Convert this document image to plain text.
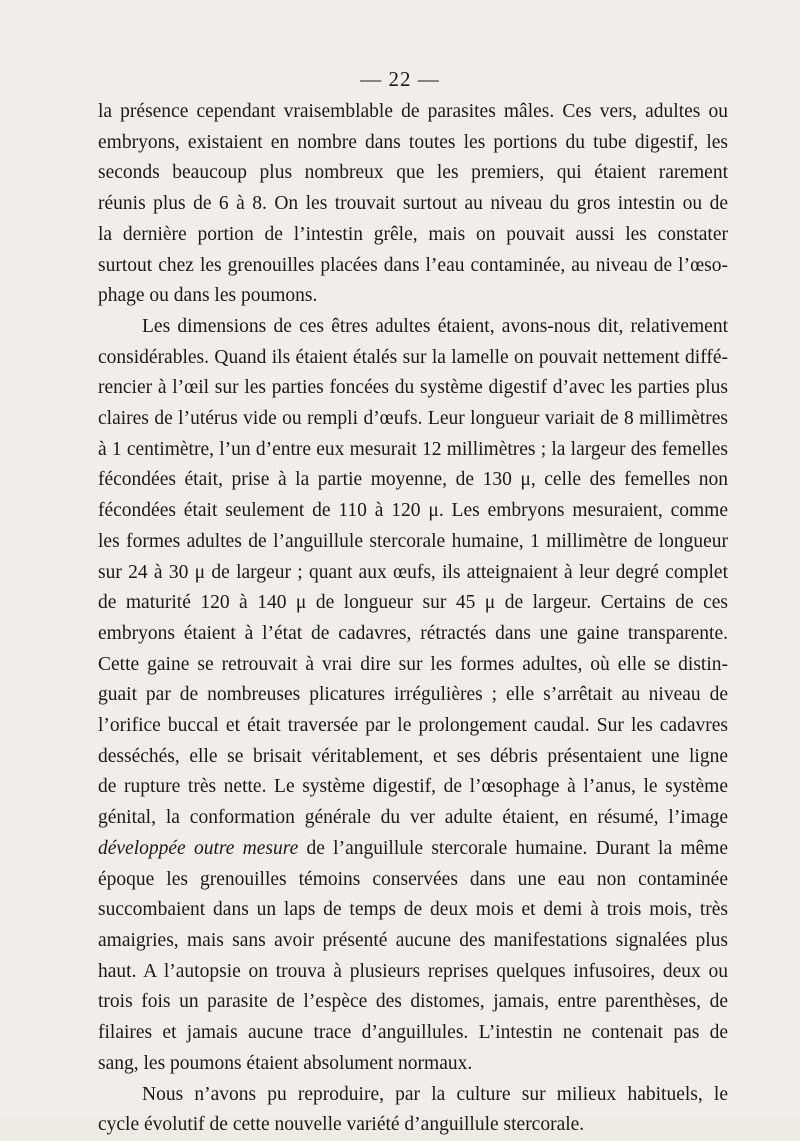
— 22 —

la présence cependant vraisemblable de parasites mâles. Ces vers, adultes ou
embryons, existaient en nombre dans toutes les portions du tube digestif, les
seconds beaucoup plus nombreux que les premiers, qui étaient rarement
réunis plus de 6 à 8. On les trouvait surtout au niveau du gros intestin ou de
la dernière portion de l’intestin grêle, mais on pouvait aussi les constater
surtout chez les grenouilles placées dans l’eau contaminée, au niveau de l’œso-
phage ou dans les poumons.

Les dimensions de ces êtres adultes étaient, avons-nous dit, relativement
considérables. Quand ils étaient étalés sur la lamelle on pouvait nettement diffé-
rencier à l’œil sur les parties foncées du système digestif d’avec les parties plus
claires de l’utérus vide ou rempli d’œufs. Leur longueur variait de 8 millimètres
à 1 centimètre, l’un d’entre eux mesurait 12 millimètres ; la largeur des femelles
fécondées était, prise à la partie moyenne, de 130 μ, celle des femelles non
fécondées était seulement de 110 à 120 μ. Les embryons mesuraient, comme
les formes adultes de l’anguillule stercorale humaine, 1 millimètre de longueur
sur 24 à 30 μ de largeur ; quant aux œufs, ils atteignaient à leur degré complet
de maturité 120 à 140 μ de longueur sur 45 μ de largeur. Certains de ces
embryons étaient à l’état de cadavres, rétractés dans une gaine transparente.
Cette gaine se retrouvait à vrai dire sur les formes adultes, où elle se distin-
guait par de nombreuses plicatures irrégulières ; elle s’arrêtait au niveau de
l’orifice buccal et était traversée par le prolongement caudal. Sur les cadavres
desséchés, elle se brisait véritablement, et ses débris présentaient une ligne
de rupture très nette. Le système digestif, de l’œsophage à l’anus, le système
génital, la conformation générale du ver adulte étaient, en résumé, l’image
développée outre mesure de l’anguillule stercorale humaine. Durant la même
époque les grenouilles témoins conservées dans une eau non contaminée
succombaient dans un laps de temps de deux mois et demi à trois mois, très
amaigries, mais sans avoir présenté aucune des manifestations signalées plus
haut. A l’autopsie on trouva à plusieurs reprises quelques infusoires, deux ou
trois fois un parasite de l’espèce des distomes, jamais, entre parenthèses, de
filaires et jamais aucune trace d’anguillules. L’intestin ne contenait pas de
sang, les poumons étaient absolument normaux.

Nous n’avons pu reproduire, par la culture sur milieux habituels, le
cycle évolutif de cette nouvelle variété d’anguillule stercorale.
